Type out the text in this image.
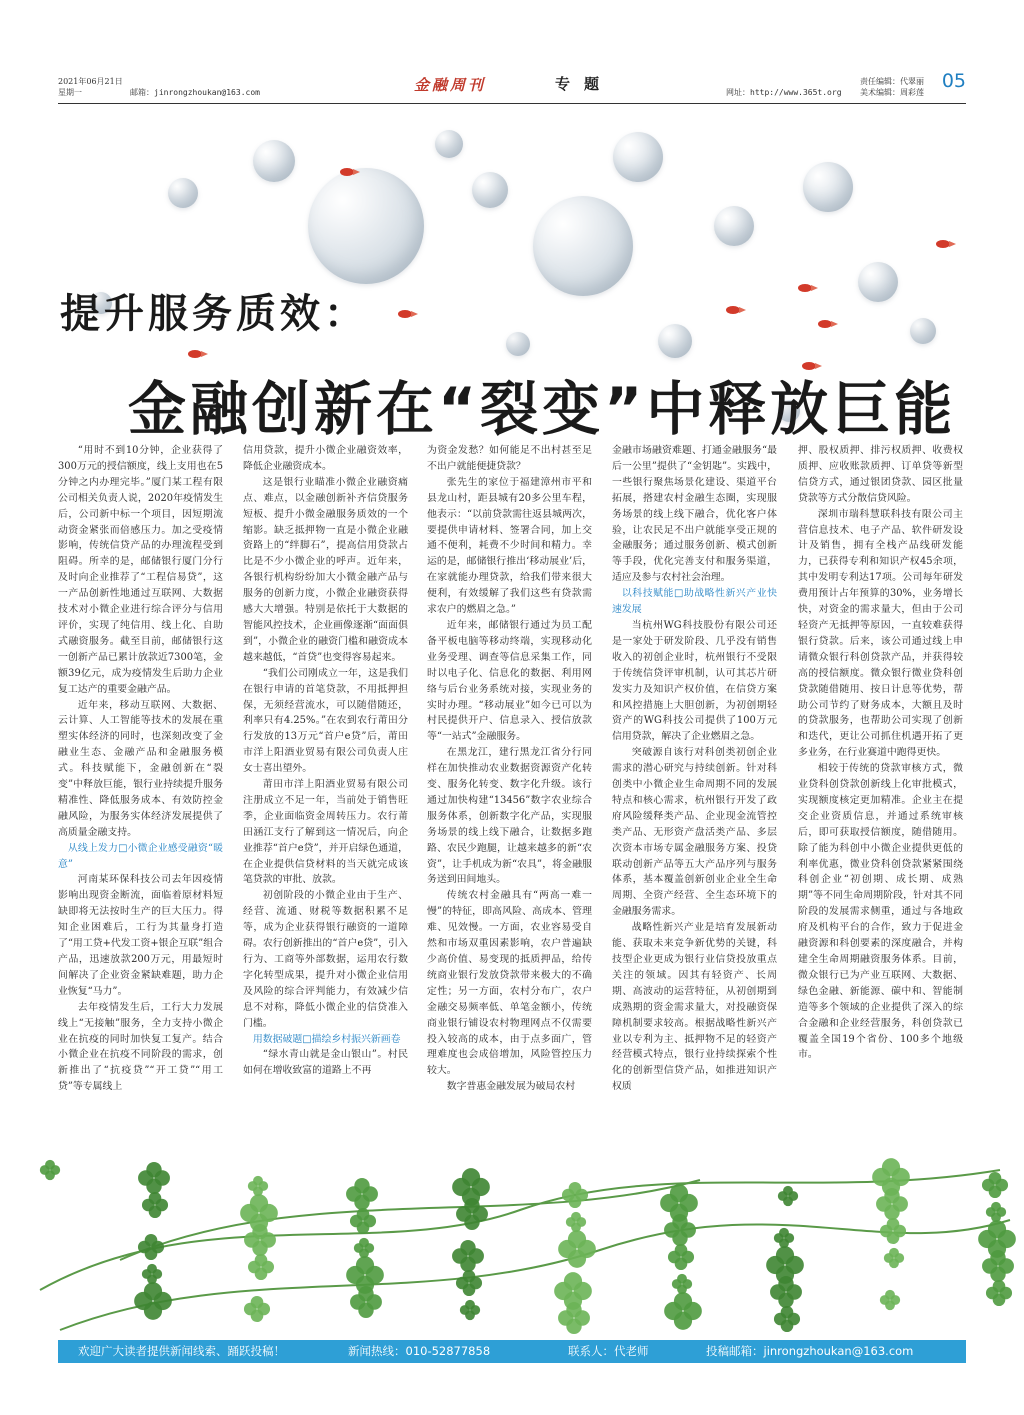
2021年06月21日
星期一	邮箱：jinrongzhoukan@163.com	金融周刊	专题	网址：http://www.365t.org
责任编辑：代翠丽
美术编辑：周彩莲
05
提升服务质效：
金融创新在“裂变”中释放巨能

“用时不到10分钟，企业获得了300万元的授信额度，线上支用也在5分钟之内办理完毕。”厦门某工程有限公司相关负责人说，2020年疫情发生后，公司新中标一个项目，因短期流动资金紧张而倍感压力。加之受疫情影响，传统信贷产品的办理流程受到阻碍。所幸的是，邮储银行厦门分行及时向企业推荐了“工程信易贷”，这一产品创新性地通过互联网、大数据技术对小微企业进行综合评分与信用评价，实现了纯信用、线上化、自助式融资服务。截至目前，邮储银行这一创新产品已累计放款近7300笔，金额39亿元，成为疫情发生后助力企业复工达产的重要金融产品。

近年来，移动互联网、大数据、云计算、人工智能等技术的发展在重塑实体经济的同时，也深刻改变了金融业生态、金融产品和金融服务模式。科技赋能下，金融创新在“裂变”中释放巨能，银行业持续提升服务精准性、降低服务成本、有效防控金融风险，为服务实体经济发展提供了高质量金融支持。

从线上发力□小微企业感受融资“暖意”

河南某环保科技公司去年因疫情影响出现资金断流，面临着原材料短缺即将无法按时生产的巨大压力。得知企业困难后，工行为其量身打造了“用工贷+代发工资+银企互联”组合产品，迅速放款200万元，用最短时间解决了企业资金紧缺难题，助力企业恢复“马力”。

去年疫情发生后，工行大力发展线上“无接触”服务，全力支持小微企业在抗疫的同时加快复工复产。结合小微企业在抗疫不同阶段的需求，创新推出了“抗疫贷”“开工贷”“用工贷”等专属线上

信用贷款，提升小微企业融资效率，降低企业融资成本。

这是银行业瞄准小微企业融资痛点、难点，以金融创新补齐信贷服务短板、提升小微金融服务质效的一个缩影。缺乏抵押物一直是小微企业融资路上的“绊脚石”，提高信用贷款占比是不少小微企业的呼声。近年来，各银行机构纷纷加大小微金融产品与服务的创新力度，小微企业融资获得感大大增强。特别是依托于大数据的智能风控技术，企业画像逐渐“面面俱到”，小微企业的融资门槛和融资成本越来越低，“首贷”也变得容易起来。

“我们公司刚成立一年，这是我们在银行申请的首笔贷款，不用抵押担保，无须经营流水，可以随借随还，利率只有4.25%。”在农到农行莆田分行发放的13万元“首户e贷”后，莆田市洋上阳酒业贸易有限公司负责人庄女士喜出望外。

莆田市洋上阳酒业贸易有限公司注册成立不足一年，当前处于销售旺季，企业面临资金周转压力。农行莆田涵江支行了解到这一情况后，向企业推荐“首户e贷”，并开启绿色通道，在企业提供信贷材料的当天就完成该笔贷款的审批、放款。

初创阶段的小微企业由于生产、经营、流通、财税等数据积累不足等，成为企业获得银行融资的一道障碍。农行创新推出的“首户e贷”，引入行为、工商等外部数据，运用农行数字化转型成果，提升对小微企业信用及风险的综合评判能力，有效减少信息不对称，降低小微企业的信贷准入门槛。

用数据破题□描绘乡村振兴新画卷

“绿水青山就是金山银山”。村民如何在增收致富的道路上不再

为资金发愁？如何能足不出村甚至足不出户就能便捷贷款？

张先生的家位于福建漳州市平和县龙山村，距县城有20多公里车程，他表示：“以前贷款需往返县城两次，要提供申请材料、签署合同，加上交通不便利，耗费不少时间和精力。幸运的是，邮储银行推出‘移动展业’后，在家就能办理贷款，给我们带来很大便利，有效缓解了我们这些有贷款需求农户的燃眉之急。”

近年来，邮储银行通过为员工配备平板电脑等移动终端，实现移动化业务受理、调查等信息采集工作，同时以电子化、信息化的数据、利用网络与后台业务系统对接，实现业务的实时办理。“移动展业”如今已可以为村民提供开户、信息录入、授信放款等“一站式”金融服务。

在黑龙江，建行黑龙江省分行同样在加快推动农业数据资源资产化转变、服务化转变、数字化升级。该行通过加快构建“13456”数字农业综合服务体系，创新数字化产品，实现服务场景的线上线下融合，让数据多跑路、农民少跑腿，让越来越多的新“农资”，让手机成为新“农具”，将金融服务送到田间地头。

传统农村金融具有“两高一难一慢”的特征，即高风险、高成本、管理难、见效慢。一方面，农业容易受自然和市场双重因素影响，农户普遍缺少高价值、易变现的抵质押品，给传统商业银行发放贷款带来极大的不确定性；另一方面，农村分布广，农户金融交易频率低、单笔金额小，传统商业银行铺设农村物理网点不仅需要投入较高的成本，由于点多面广，管理难度也会成倍增加，风险管控压力较大。

数字普惠金融发展为破局农村

金融市场融资难题、打通金融服务“最后一公里”提供了“金钥匙”。实践中，一些银行聚焦场景化建设、渠道平台拓展，搭建农村金融生态圈，实现服务场景的线上线下融合，优化客户体验，让农民足不出户就能享受正规的金融服务；通过服务创新、模式创新等手段，优化完善支付和服务渠道，适应及参与农村社会治理。

以科技赋能□助战略性新兴产业快速发展

当杭州WG科技股份有限公司还是一家处于研发阶段、几乎没有销售收入的初创企业时，杭州银行不受限于传统信贷评审机制，认可其芯片研发实力及知识产权价值，在信贷方案和风控措施上大胆创新，为初创期轻资产的WG科技公司提供了100万元信用贷款，解决了企业燃眉之急。

突破源自该行对科创类初创企业需求的潜心研究与持续创新。针对科创类中小微企业生命周期不同的发展特点和核心需求，杭州银行开发了政府风险缓释类产品、企业现金流管控类产品、无形资产盘活类产品、多层次资本市场专属金融服务方案、投贷联动创新产品等五大产品序列与服务体系，基本覆盖创新创业企业全生命周期、全资产经营、全生态环境下的金融服务需求。

战略性新兴产业是培育发展新动能、获取未来竞争新优势的关键，科技型企业更成为银行业信贷投放重点关注的领域。因其有轻资产、长周期、高波动的运营特征，从初创期到成熟期的资金需求量大，对投融资保障机制要求较高。根据战略性新兴产业以专利为主、抵押物不足的轻资产经营模式特点，银行业持续探索个性化的创新型信贷产品，如推进知识产权质

押、股权质押、排污权质押、收费权质押、应收账款质押、订单贷等新型信贷方式，通过银团贷款、园区批量贷款等方式分散信贷风险。

深圳市瑞科慧联科技有限公司主营信息技术、电子产品、软件研发设计及销售，拥有全栈产品线研发能力，已获得专利和知识产权45余项，其中发明专利达17项。公司每年研发费用预计占年预算的30%，业务增长快，对资金的需求量大，但由于公司轻资产无抵押等原因，一直较难获得银行贷款。后来，该公司通过线上申请微众银行科创贷款产品，并获得较高的授信额度。微众银行微业贷科创贷款随借随用、按日计息等优势，帮助公司节约了财务成本，大额且及时的贷款服务，也帮助公司实现了创新和迭代，更让公司抓住机遇开拓了更多业务，在行业赛道中跑得更快。

相较于传统的贷款审核方式，微业贷科创贷款创新线上化审批模式，实现额度核定更加精准。企业主在提交企业资质信息，并通过系统审核后，即可获取授信额度，随借随用。除了能为科创中小微企业提供更低的利率优惠，微业贷科创贷款紧紧围绕科创企业“初创期、成长期、成熟期”等不同生命周期阶段，针对其不同阶段的发展需求侧重，通过与各地政府及机构平台的合作，致力于促进金融资源和科创要素的深度融合，并构建全生命周期融资服务体系。目前，微众银行已为产业互联网、大数据、绿色金融、新能源、碳中和、智能制造等多个领域的企业提供了深入的综合金融和企业经营服务，科创贷款已覆盖全国19个省份、100多个地级市。

欢迎广大读者提供新闻线索、踊跃投稿！	新闻热线：010-52877858	联系人：代老师	投稿邮箱：jinrongzhoukan@163.com
